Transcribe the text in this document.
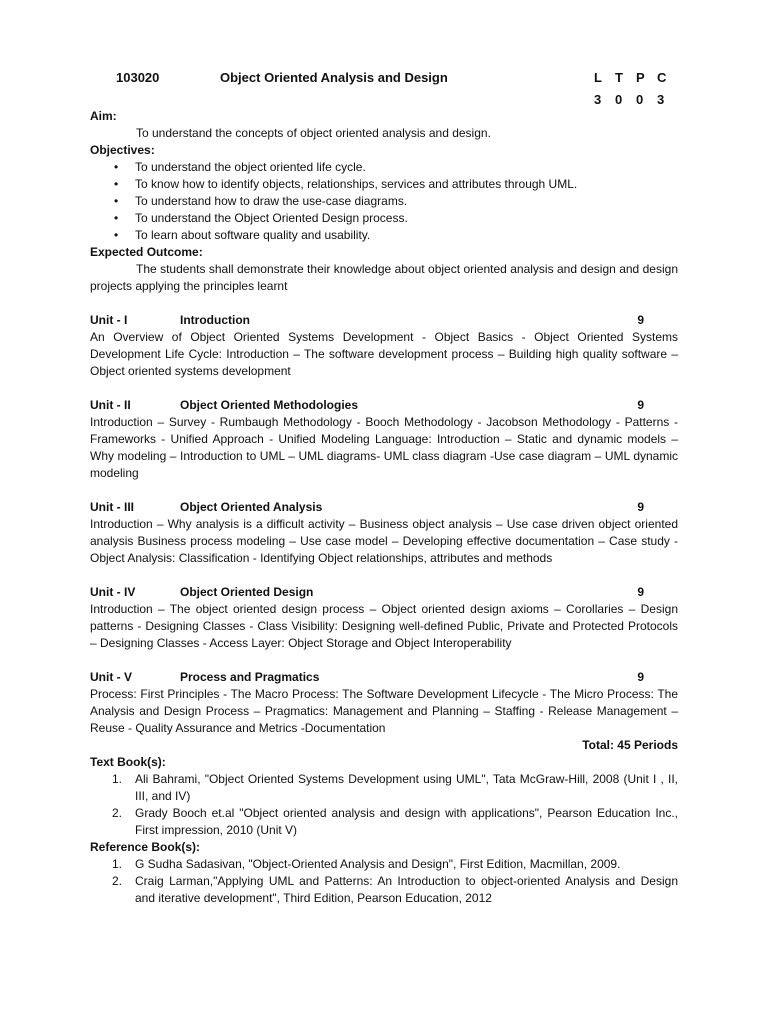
103020	Object Oriented Analysis and Design	L	T	P C
3	0	0	3
Aim:
To understand the concepts of object oriented analysis and design.
Objectives:
• To understand the object oriented life cycle.
• To know how to identify objects, relationships, services and attributes through UML.
• To understand how to draw the use-case diagrams.
• To understand the Object Oriented Design process.
• To learn about software quality and usability.
Expected Outcome:
The students shall demonstrate their knowledge about object oriented analysis and design and design projects applying the principles learnt
Unit - I	Introduction	9
An Overview of Object Oriented Systems Development - Object Basics - Object Oriented Systems Development Life Cycle: Introduction – The software development process – Building high quality software – Object oriented systems development
Unit - II	Object Oriented Methodologies	9
Introduction – Survey - Rumbaugh Methodology - Booch Methodology - Jacobson Methodology - Patterns - Frameworks - Unified Approach - Unified Modeling Language: Introduction – Static and dynamic models – Why modeling – Introduction to UML – UML diagrams- UML class diagram -Use case diagram – UML dynamic modeling
Unit - III	Object Oriented Analysis	9
Introduction – Why analysis is a difficult activity – Business object analysis – Use case driven object oriented analysis Business process modeling – Use case model – Developing effective documentation – Case study - Object Analysis: Classification - Identifying Object relationships, attributes and methods
Unit - IV	Object Oriented Design	9
Introduction – The object oriented design process – Object oriented design axioms – Corollaries – Design patterns - Designing Classes - Class Visibility: Designing well-defined Public, Private and Protected Protocols – Designing Classes - Access Layer: Object Storage and Object Interoperability
Unit - V	Process and Pragmatics	9
Process: First Principles - The Macro Process: The Software Development Lifecycle - The Micro Process: The Analysis and Design Process – Pragmatics: Management and Planning – Staffing - Release Management –Reuse - Quality Assurance and Metrics -Documentation
Total: 45 Periods
Text Book(s):
1. Ali Bahrami, "Object Oriented Systems Development using UML", Tata McGraw-Hill, 2008 (Unit I , II, III, and IV)
2. Grady Booch et.al "Object oriented analysis and design with applications", Pearson Education Inc., First impression, 2010 (Unit V)
Reference Book(s):
1. G Sudha Sadasivan, "Object-Oriented Analysis and Design", First Edition, Macmillan, 2009.
2. Craig Larman,"Applying UML and Patterns: An Introduction to object-oriented Analysis and Design and iterative development", Third Edition, Pearson Education, 2012
